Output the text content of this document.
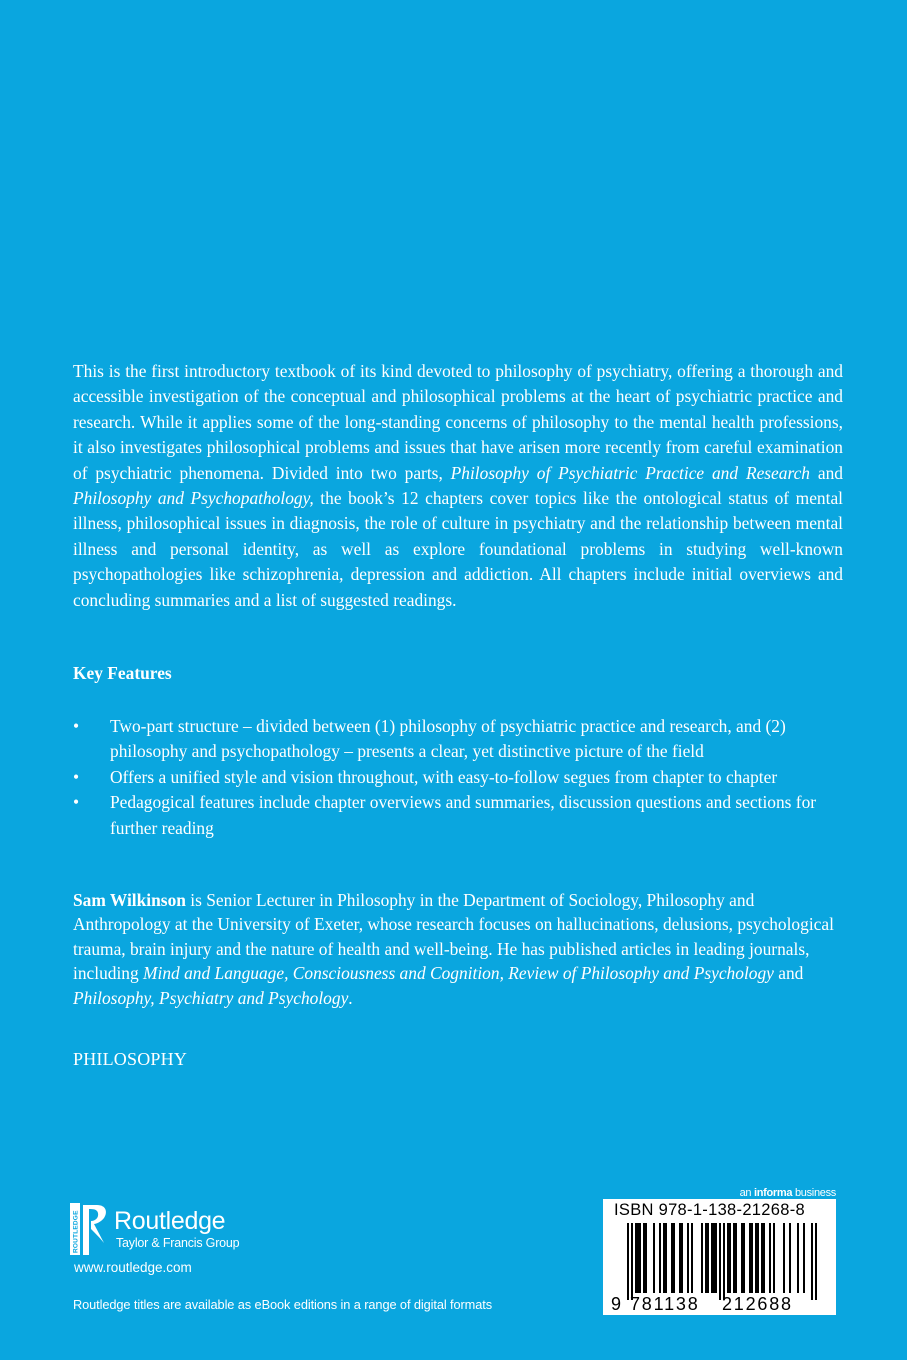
This is the first introductory textbook of its kind devoted to philosophy of psychiatry, offering a thorough and accessible investigation of the conceptual and philosophical problems at the heart of psychiatric practice and research. While it applies some of the long-standing concerns of philosophy to the mental health professions, it also investigates philosophical problems and issues that have arisen more recently from careful examination of psychiatric phenomena. Divided into two parts, Philosophy of Psychiatric Practice and Research and Philosophy and Psychopathology, the book’s 12 chapters cover topics like the ontological status of mental illness, philosophical issues in diagnosis, the role of culture in psychiatry and the relationship between mental illness and personal identity, as well as explore foundational problems in studying well-known psychopathologies like schizophrenia, depression and addiction. All chapters include initial overviews and concluding summaries and a list of suggested readings.

Key Features

• Two-part structure – divided between (1) philosophy of psychiatric practice and research, and (2) philosophy and psychopathology – presents a clear, yet distinctive picture of the field
• Offers a unified style and vision throughout, with easy-to-follow segues from chapter to chapter
• Pedagogical features include chapter overviews and summaries, discussion questions and sections for further reading

Sam Wilkinson is Senior Lecturer in Philosophy in the Department of Sociology, Philosophy and Anthropology at the University of Exeter, whose research focuses on hallucinations, delusions, psychological trauma, brain injury and the nature of health and well-being. He has published articles in leading journals, including Mind and Language, Consciousness and Cognition, Review of Philosophy and Psychology and Philosophy, Psychiatry and Psychology.

PHILOSOPHY

ROUTLEDGE Routledge
Taylor & Francis Group
www.routledge.com
Routledge titles are available as eBook editions in a range of digital formats
an informa business
ISBN 978-1-138-21268-8
9 781138 212688
